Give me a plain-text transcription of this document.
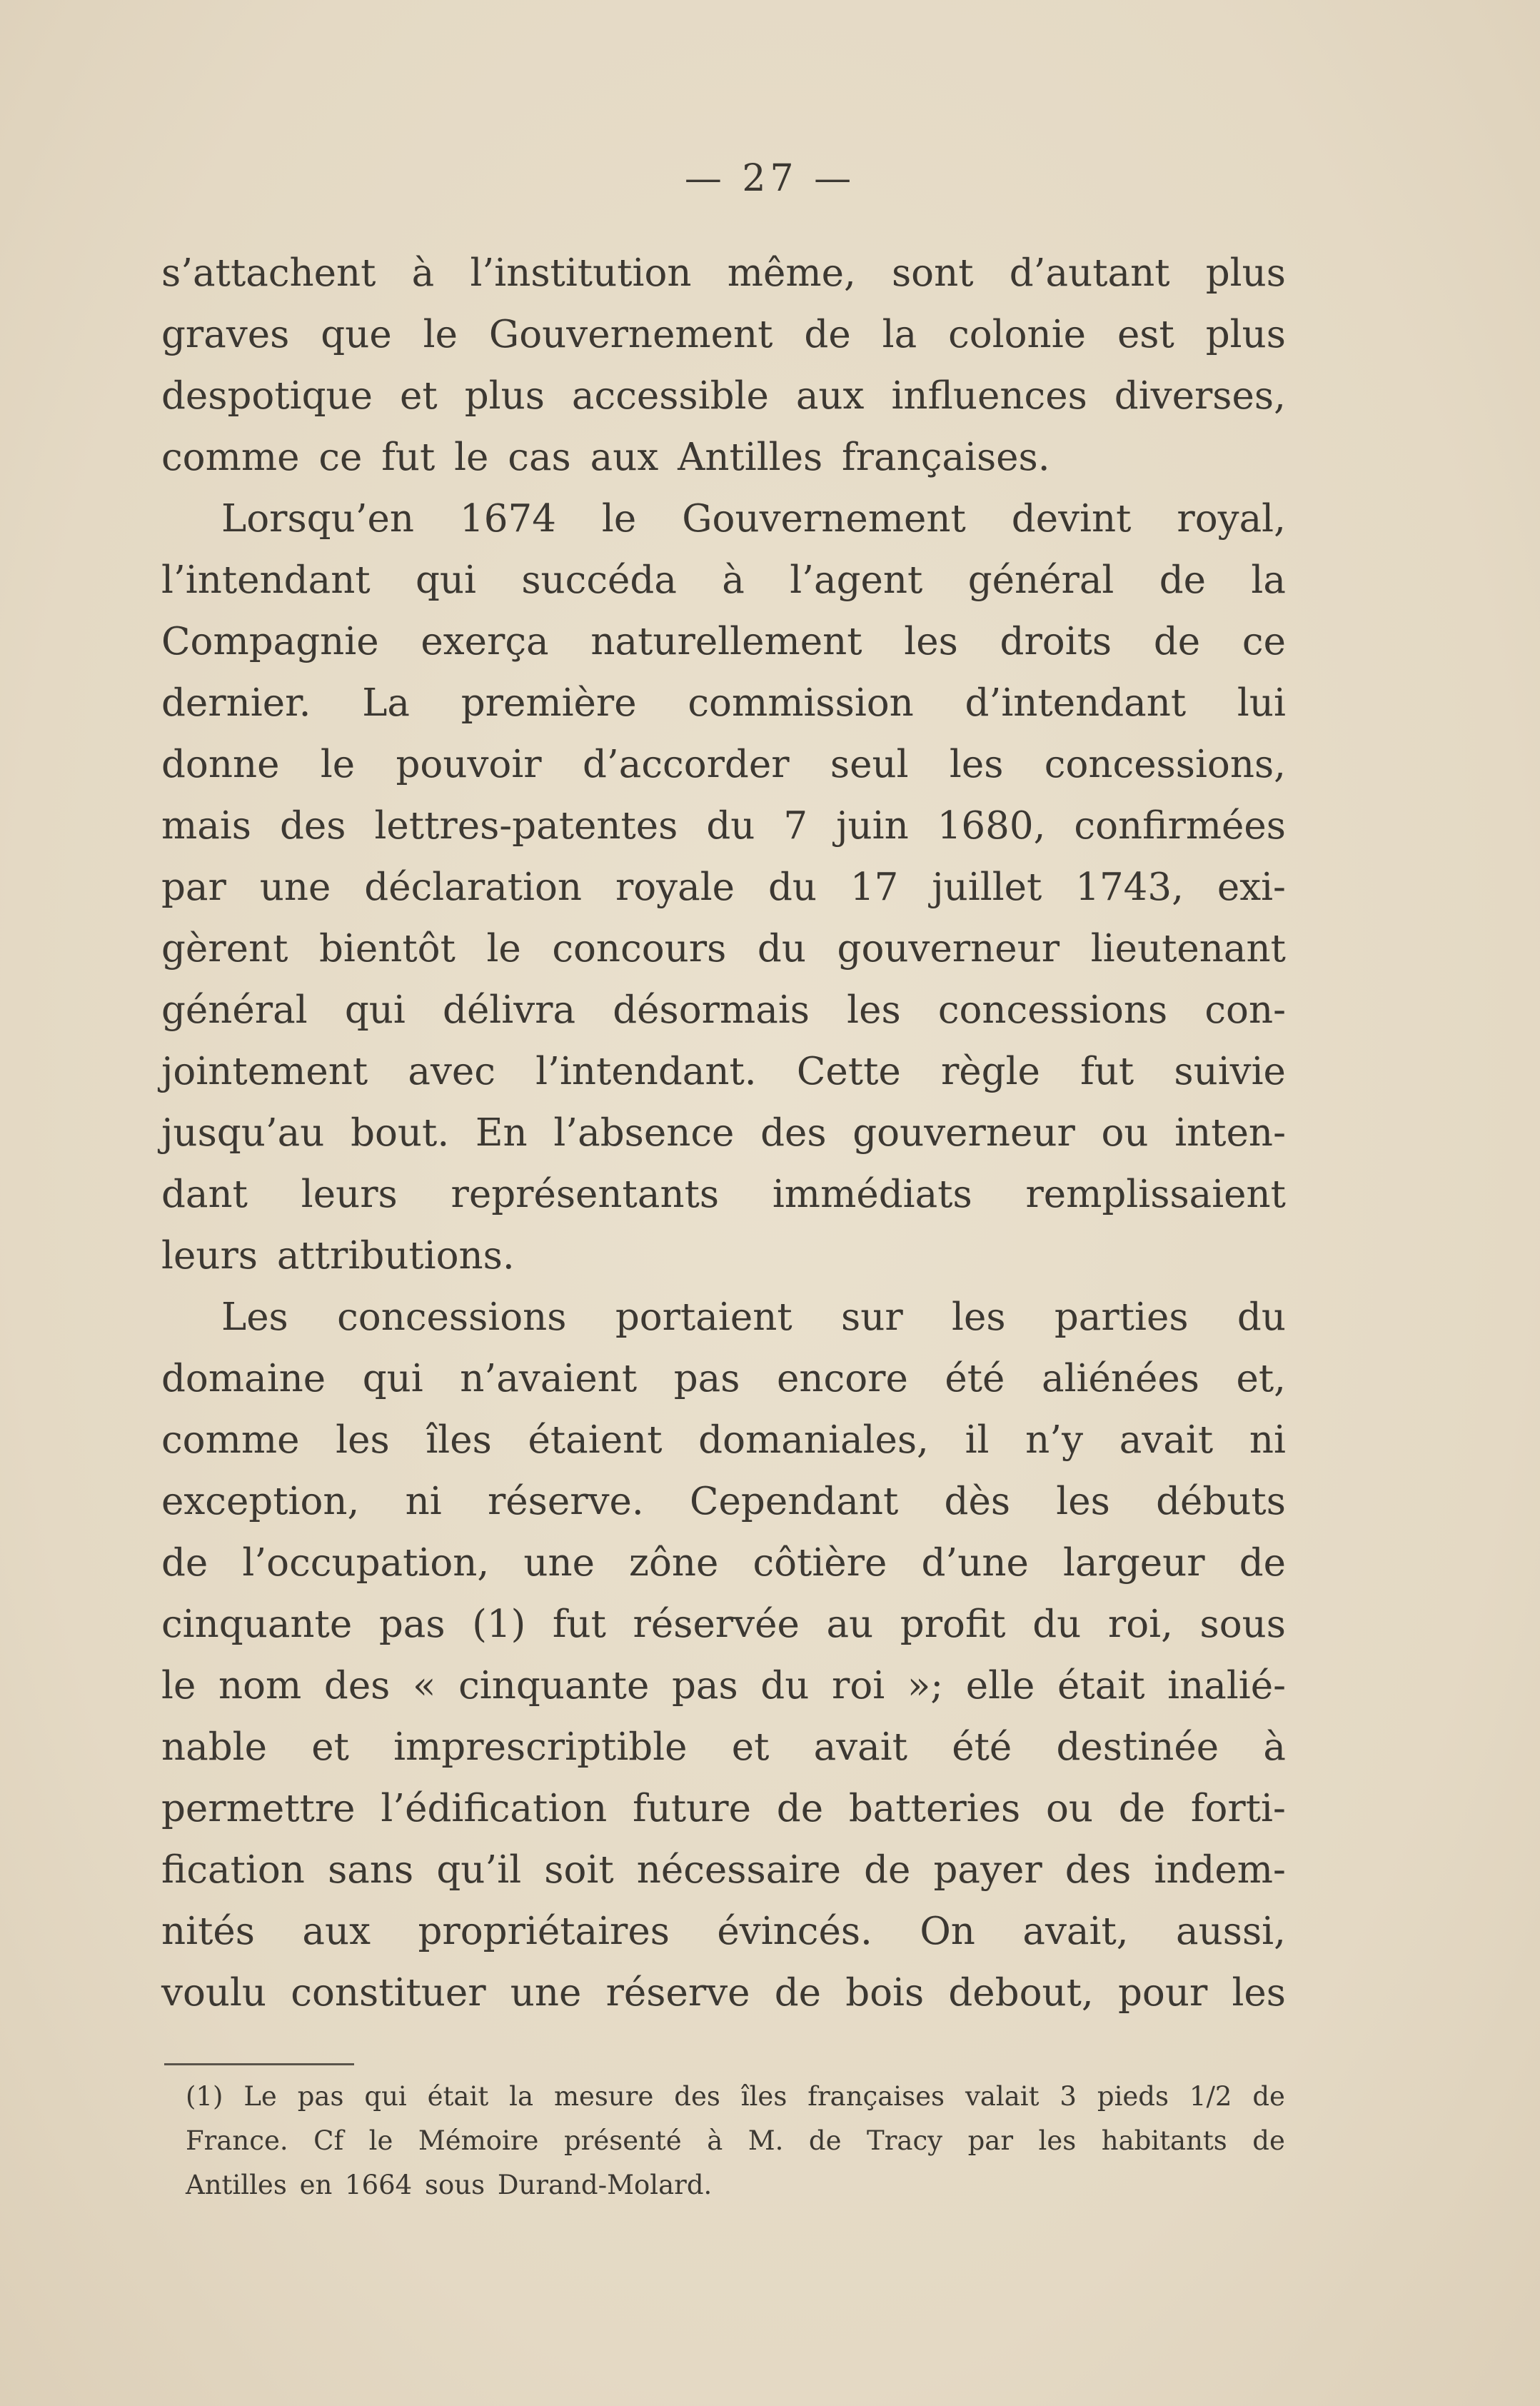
— 27 —
s’attachent à l’institution même, sont d’autant plus
graves que le Gouvernement de la colonie est plus
despotique et plus accessible aux influences diverses,
comme ce fut le cas aux Antilles françaises.
Lorsqu’en 1674 le Gouvernement devint royal,
l’intendant qui succéda à l’agent général de la
Compagnie exerça naturellement les droits de ce
dernier. La première commission d’intendant lui
donne le pouvoir d’accorder seul les concessions,
mais des lettres-patentes du 7 juin 1680, confirmées
par une déclaration royale du 17 juillet 1743, exi-
gèrent bientôt le concours du gouverneur lieutenant
général qui délivra désormais les concessions con-
jointement avec l’intendant. Cette règle fut suivie
jusqu’au bout. En l’absence des gouverneur ou inten-
dant leurs représentants immédiats remplissaient
leurs attributions.
Les concessions portaient sur les parties du
domaine qui n’avaient pas encore été aliénées et,
comme les îles étaient domaniales, il n’y avait ni
exception, ni réserve. Cependant dès les débuts
de l’occupation, une zône côtière d’une largeur de
cinquante pas (1) fut réservée au profit du roi, sous
le nom des « cinquante pas du roi »; elle était inalié-
nable et imprescriptible et avait été destinée à
permettre l’édification future de batteries ou de forti-
fication sans qu’il soit nécessaire de payer des indem-
nités aux propriétaires évincés. On avait, aussi,
voulu constituer une réserve de bois debout, pour les
(1) Le pas qui était la mesure des îles françaises valait 3 pieds 1/2 de
France. Cf le Mémoire présenté à M. de Tracy par les habitants de
Antilles en 1664 sous Durand-Molard.
